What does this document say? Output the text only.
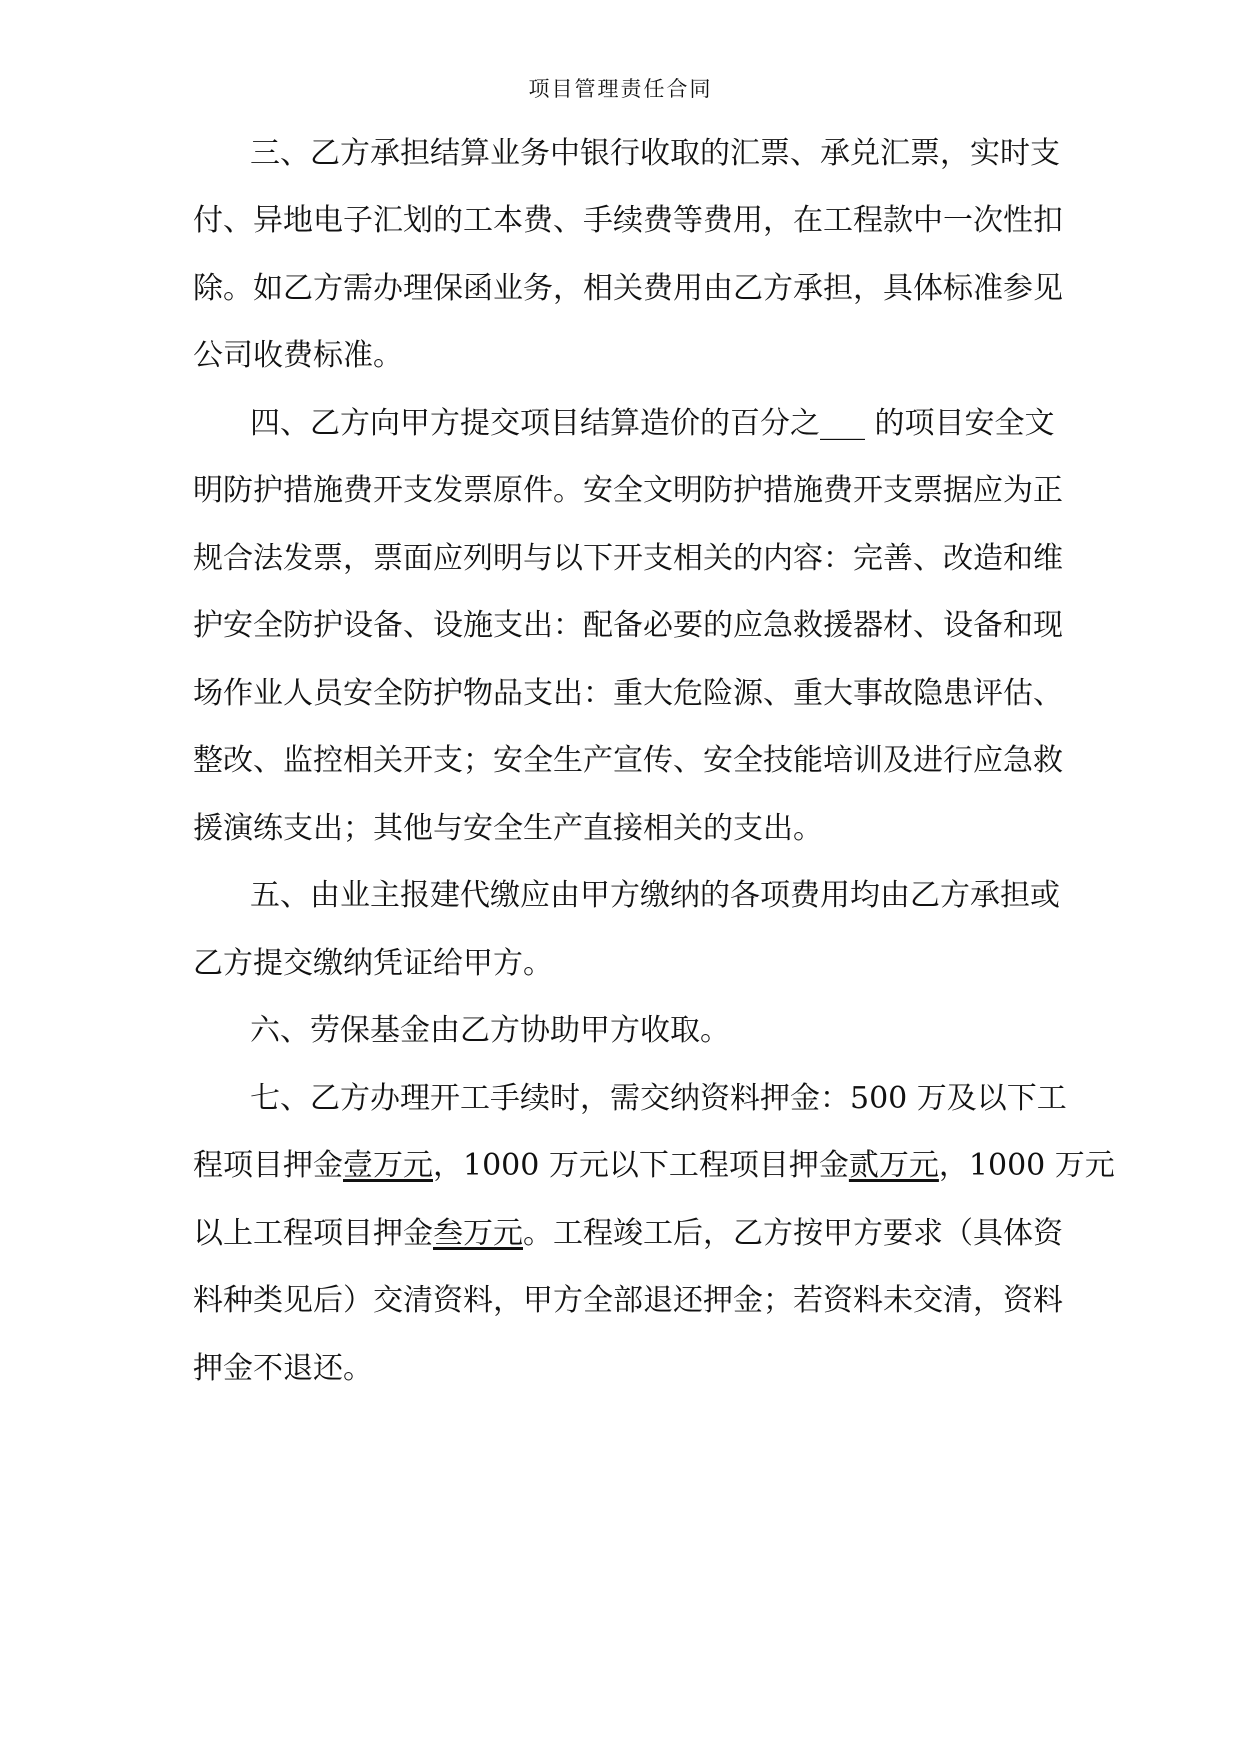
项目管理责任合同
三、乙方承担结算业务中银行收取的汇票、承兑汇票，实时支
付、异地电子汇划的工本费、手续费等费用，在工程款中一次性扣
除。如乙方需办理保函业务，相关费用由乙方承担，具体标准参见
公司收费标准。
四、乙方向甲方提交项目结算造价的百分之___ 的项目安全文
明防护措施费开支发票原件。安全文明防护措施费开支票据应为正
规合法发票，票面应列明与以下开支相关的内容：完善、改造和维
护安全防护设备、设施支出：配备必要的应急救援器材、设备和现
场作业人员安全防护物品支出：重大危险源、重大事故隐患评估、
整改、监控相关开支；安全生产宣传、安全技能培训及进行应急救
援演练支出；其他与安全生产直接相关的支出。
五、由业主报建代缴应由甲方缴纳的各项费用均由乙方承担或
乙方提交缴纳凭证给甲方。
六、劳保基金由乙方协助甲方收取。
七、乙方办理开工手续时，需交纳资料押金：500 万及以下工
程项目押金壹万元，1000 万元以下工程项目押金贰万元，1000 万元
以上工程项目押金叁万元。工程竣工后，乙方按甲方要求（具体资
料种类见后）交清资料，甲方全部退还押金；若资料未交清，资料
押金不退还。
